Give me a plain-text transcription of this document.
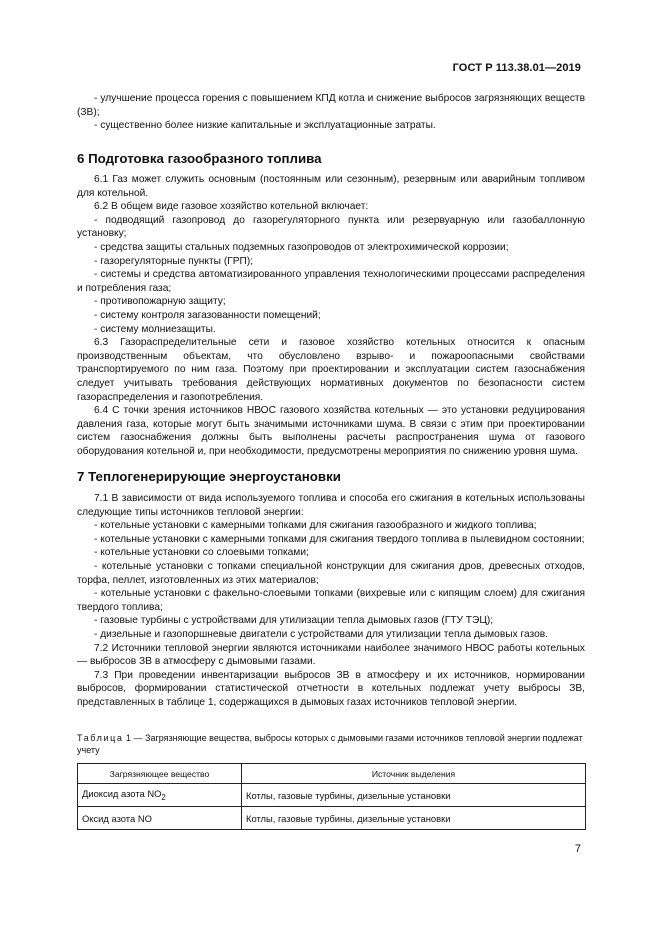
ГОСТ Р 113.38.01—2019

- улучшение процесса горения с повышением КПД котла и снижение выбросов загрязняющих веществ (ЗВ);

- существенно более низкие капитальные и эксплуатационные затраты.

6 Подготовка газообразного топлива

6.1 Газ может служить основным (постоянным или сезонным), резервным или аварийным топливом для котельной.

6.2 В общем виде газовое хозяйство котельной включает:

- подводящий газопровод до газорегуляторного пункта или резервуарную или газобаллонную установку;

- средства защиты стальных подземных газопроводов от электрохимической коррозии;

- газорегуляторные пункты (ГРП);

- системы и средства автоматизированного управления технологическими процессами распределения и потребления газа;

- противопожарную защиту;

- систему контроля загазованности помещений;

- систему молниезащиты.

6.3 Газораспределительные сети и газовое хозяйство котельных относится к опасным производственным объектам, что обусловлено взрыво- и пожароопасными свойствами транспортируемого по ним газа. Поэтому при проектировании и эксплуатации систем газоснабжения следует учитывать требования действующих нормативных документов по безопасности систем газораспределения и газопотребления.

6.4 С точки зрения источников НВОС газового хозяйства котельных — это установки редуцирования давления газа, которые могут быть значимыми источниками шума. В связи с этим при проектировании систем газоснабжения должны быть выполнены расчеты распространения шума от газового оборудования котельной и, при необходимости, предусмотрены мероприятия по снижению уровня шума.

7 Теплогенерирующие энергоустановки

7.1 В зависимости от вида используемого топлива и способа его сжигания в котельных использованы следующие типы источников тепловой энергии:

- котельные установки с камерными топками для сжигания газообразного и жидкого топлива;

- котельные установки с камерными топками для сжигания твердого топлива в пылевидном состоянии;

- котельные установки со слоевыми топками;

- котельные установки с топками специальной конструкции для сжигания дров, древесных отходов, торфа, пеллет, изготовленных из этих материалов;

- котельные установки с факельно-слоевыми топками (вихревые или с кипящим слоем) для сжигания твердого топлива;

- газовые турбины с устройствами для утилизации тепла дымовых газов (ГТУ ТЭЦ);

- дизельные и газопоршневые двигатели с устройствами для утилизации тепла дымовых газов.

7.2 Источники тепловой энергии являются источниками наиболее значимого НВОС работы котельных — выбросов ЗВ в атмосферу с дымовыми газами.

7.3 При проведении инвентаризации выбросов ЗВ в атмосферу и их источников, нормировании выбросов, формировании статистической отчетности в котельных подлежат учету выбросы ЗВ, представленных в таблице 1, содержащихся в дымовых газах источников тепловой энергии.

Таблица 1 — Загрязняющие вещества, выбросы которых с дымовыми газами источников тепловой энергии подлежат учету
Загрязняющее вещество	Источник выделения
Диоксид азота $NO_2$	Котлы, газовые турбины, дизельные установки
Оксид азота NO	Котлы, газовые турбины, дизельные установки
7
